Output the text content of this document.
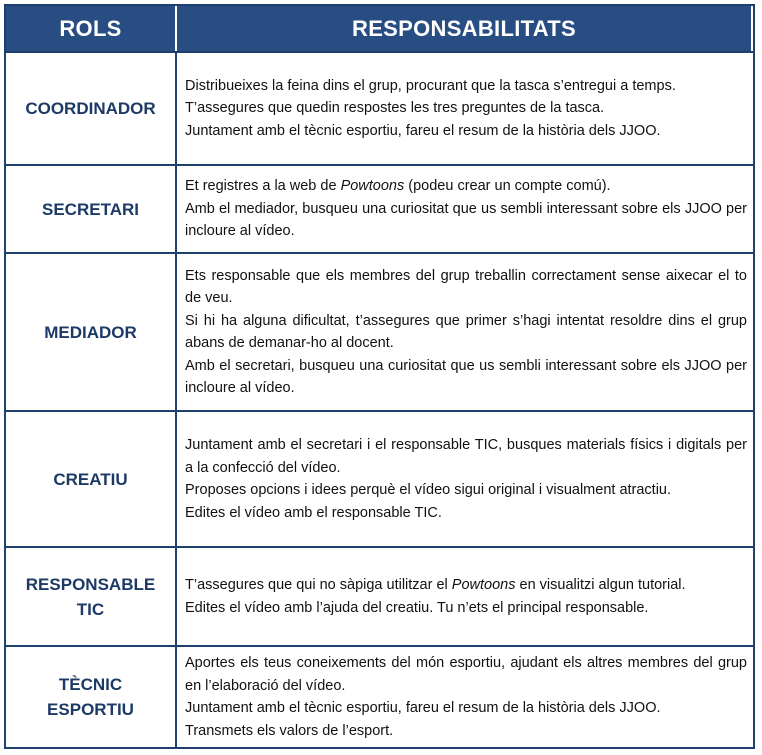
ROLS	RESPONSABILITATS
COORDINADOR

Distribueixes la feina dins el grup, procurant que la tasca s’entregui a temps.

T’assegures que quedin respostes les tres preguntes de la tasca.

Juntament amb el tècnic esportiu, fareu el resum de la història dels JJOO.

SECRETARI

Et registres a la web de Powtoons (podeu crear un compte comú).

Amb el mediador, busqueu una curiositat que us sembli interessant sobre els JJOO per incloure al vídeo.

MEDIADOR

Ets responsable que els membres del grup treballin correctament sense aixecar el to de veu.

Si hi ha alguna dificultat, t’assegures que primer s’hagi intentat resoldre dins el grup abans de demanar-ho al docent.

Amb el secretari, busqueu una curiositat que us sembli interessant sobre els JJOO per incloure al vídeo.

CREATIU

Juntament amb el secretari i el responsable TIC, busques materials físics i digitals per a la confecció del vídeo.

Proposes opcions i idees perquè el vídeo sigui original i visualment atractiu.

Edites el vídeo amb el responsable TIC.

RESPONSABLE
TIC

T’assegures que qui no sàpiga utilitzar el Powtoons en visualitzi algun tutorial.

Edites el vídeo amb l’ajuda del creatiu. Tu n’ets el principal responsable.

TÈCNIC
ESPORTIU

Aportes els teus coneixements del món esportiu, ajudant els altres membres del grup en l’elaboració del vídeo.

Juntament amb el tècnic esportiu, fareu el resum de la història dels JJOO.

Transmets els valors de l’esport.
